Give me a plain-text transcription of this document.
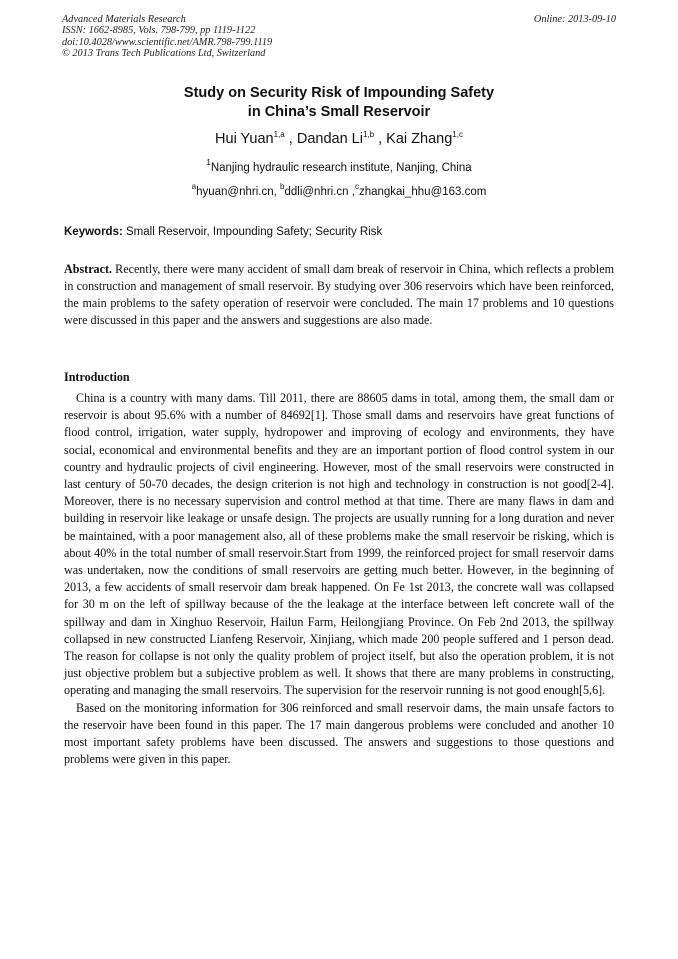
Advanced Materials Research
ISSN: 1662-8985, Vols. 798-799, pp 1119-1122
doi:10.4028/www.scientific.net/AMR.798-799.1119
© 2013 Trans Tech Publications Ltd, Switzerland
Online: 2013-09-10
Study on Security Risk of Impounding Safety
in China’s Small Reservoir
Hui Yuan$^{1,a}$ , Dandan Li$^{1,b}$ , Kai Zhang$^{1,c}$
$^1$Nanjing hydraulic research institute, Nanjing, China
$^a$hyuan@nhri.cn, $^b$ddli@nhri.cn ,$^c$zhangkai_hhu@163.com
Keywords: Small Reservoir, Impounding Safety; Security Risk
Abstract. Recently, there were many accident of small dam break of reservoir in China, which reflects a problem in construction and management of small reservoir. By studying over 306 reservoirs which have been reinforced, the main problems to the safety operation of reservoir were concluded. The main 17 problems and 10 questions were discussed in this paper and the answers and suggestions are also made.
Introduction

China is a country with many dams. Till 2011, there are 88605 dams in total, among them, the small dam or reservoir is about 95.6% with a number of 84692[1]. Those small dams and reservoirs have great functions of flood control, irrigation, water supply, hydropower and improving of ecology and environments, they have social, economical and environmental benefits and they are an important portion of flood control system in our country and hydraulic projects of civil engineering. However, most of the small reservoirs were constructed in last century of 50-70 decades, the design criterion is not high and technology in construction is not good[2-4]. Moreover, there is no necessary supervision and control method at that time. There are many flaws in dam and building in reservoir like leakage or unsafe design. The projects are usually running for a long duration and never be maintained, with a poor management also, all of these problems make the small reservoir be risking, which is about 40% in the total number of small reservoir.Start from 1999, the reinforced project for small reservoir dams was undertaken, now the conditions of small reservoirs are getting much better. However, in the beginning of 2013, a few accidents of small reservoir dam break happened. On Fe 1st 2013, the concrete wall was collapsed for 30 m on the left of spillway because of the the leakage at the interface between left concrete wall of the spillway and dam in Xinghuo Reservoir, Hailun Farm, Heilongjiang Province. On Feb 2nd 2013, the spillway collapsed in new constructed Lianfeng Reservoir, Xinjiang, which made 200 people suffered and 1 person dead. The reason for collapse is not only the quality problem of project itself, but also the operation problem, it is not just objective problem but a subjective problem as well. It shows that there are many problems in constructing, operating and managing the small reservoirs. The supervision for the reservoir running is not good enough[5,6].

Based on the monitoring information for 306 reinforced and small reservoir dams, the main unsafe factors to the reservoir have been found in this paper. The 17 main dangerous problems were concluded and another 10 most important safety problems have been discussed. The answers and suggestions to those questions and problems were given in this paper.
